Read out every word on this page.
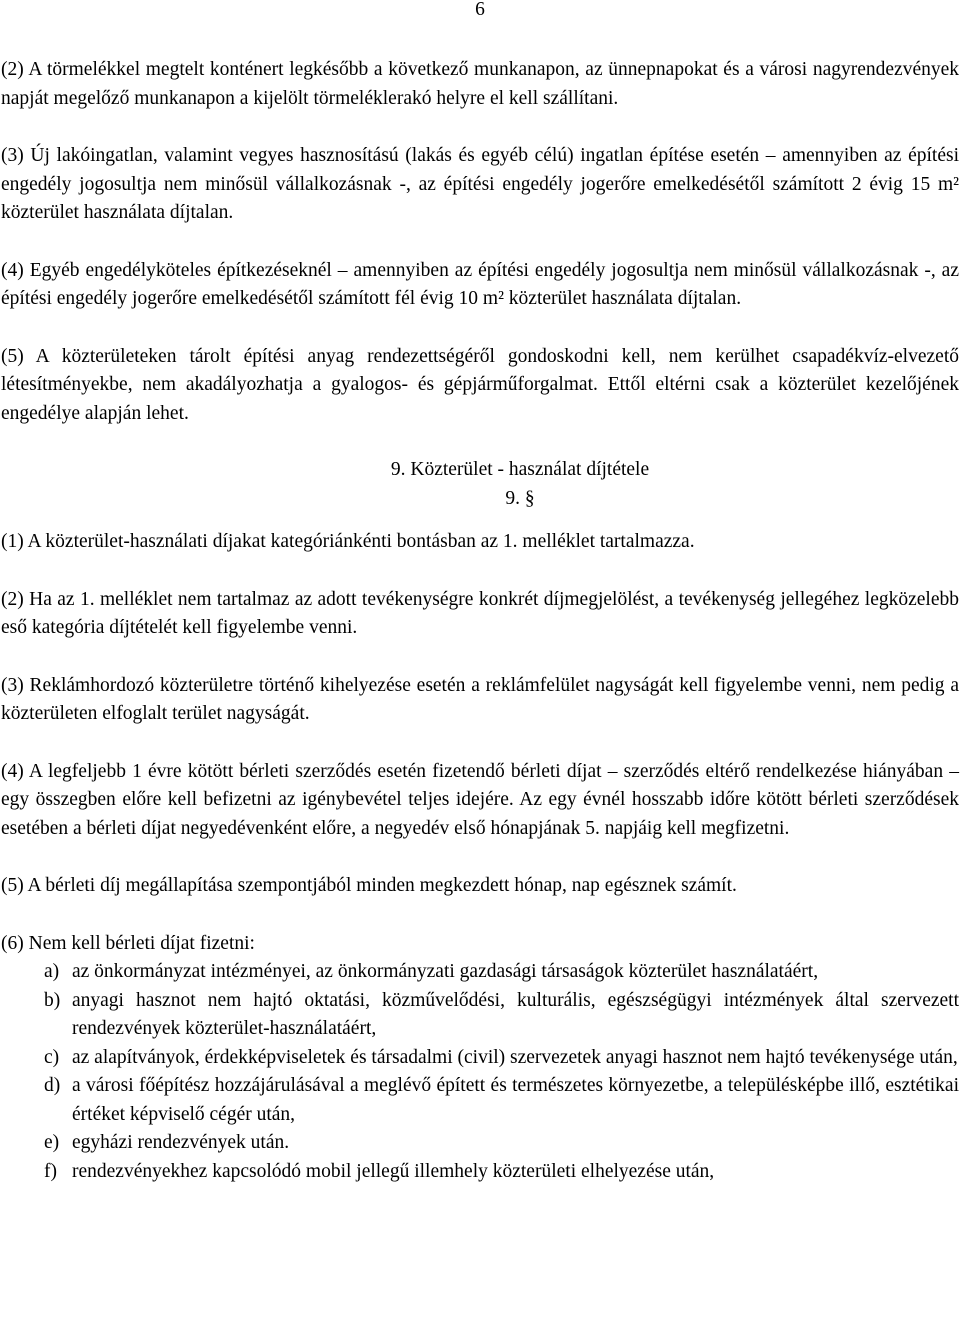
6

(2) A törmelékkel megtelt konténert legkésőbb a következő munkanapon, az ünnepnapokat és a városi nagyrendezvények napját megelőző munkanapon a kijelölt törmeléklerakó helyre el kell szállítani.

(3) Új lakóingatlan, valamint vegyes hasznosítású (lakás és egyéb célú) ingatlan építése esetén – amennyiben az építési engedély jogosultja nem minősül vállalkozásnak -, az építési engedély jogerőre emelkedésétől számított 2 évig 15 m² közterület használata díjtalan.

(4) Egyéb engedélyköteles építkezéseknél – amennyiben az építési engedély jogosultja nem minősül vállalkozásnak -, az építési engedély jogerőre emelkedésétől számított fél évig 10 m² közterület használata díjtalan.

(5) A közterületeken tárolt építési anyag rendezettségéről gondoskodni kell, nem kerülhet csapadékvíz-elvezető létesítményekbe, nem akadályozhatja a gyalogos- és gépjárműforgalmat. Ettől eltérni csak a közterület kezelőjének engedélye alapján lehet.

9. Közterület - használat díjtétele
9. §

(1) A közterület-használati díjakat kategóriánkénti bontásban az 1. melléklet tartalmazza.

(2) Ha az 1. melléklet nem tartalmaz az adott tevékenységre konkrét díjmegjelölést, a tevékenység jellegéhez legközelebb eső kategória díjtételét kell figyelembe venni.

(3) Reklámhordozó közterületre történő kihelyezése esetén a reklámfelület nagyságát kell figyelembe venni, nem pedig a közterületen elfoglalt terület nagyságát.

(4) A legfeljebb 1 évre kötött bérleti szerződés esetén fizetendő bérleti díjat – szerződés eltérő rendelkezése hiányában – egy összegben előre kell befizetni az igénybevétel teljes idejére. Az egy évnél hosszabb időre kötött bérleti szerződések esetében a bérleti díjat negyedévenként előre, a negyedév első hónapjának 5. napjáig kell megfizetni.

(5) A bérleti díj megállapítása szempontjából minden megkezdett hónap, nap egésznek számít.

(6) Nem kell bérleti díjat fizetni:

a) az önkormányzat intézményei, az önkormányzati gazdasági társaságok közterület használatáért,
b) anyagi hasznot nem hajtó oktatási, közművelődési, kulturális, egészségügyi intézmények által szervezett rendezvények közterület-használatáért,
c) az alapítványok, érdekképviseletek és társadalmi (civil) szervezetek anyagi hasznot nem hajtó tevékenysége után,
d) a városi főépítész hozzájárulásával a meglévő épített és természetes környezetbe, a településképbe illő, esztétikai értéket képviselő cégér után,
e) egyházi rendezvények után.
f) rendezvényekhez kapcsolódó mobil jellegű illemhely közterületi elhelyezése után,
